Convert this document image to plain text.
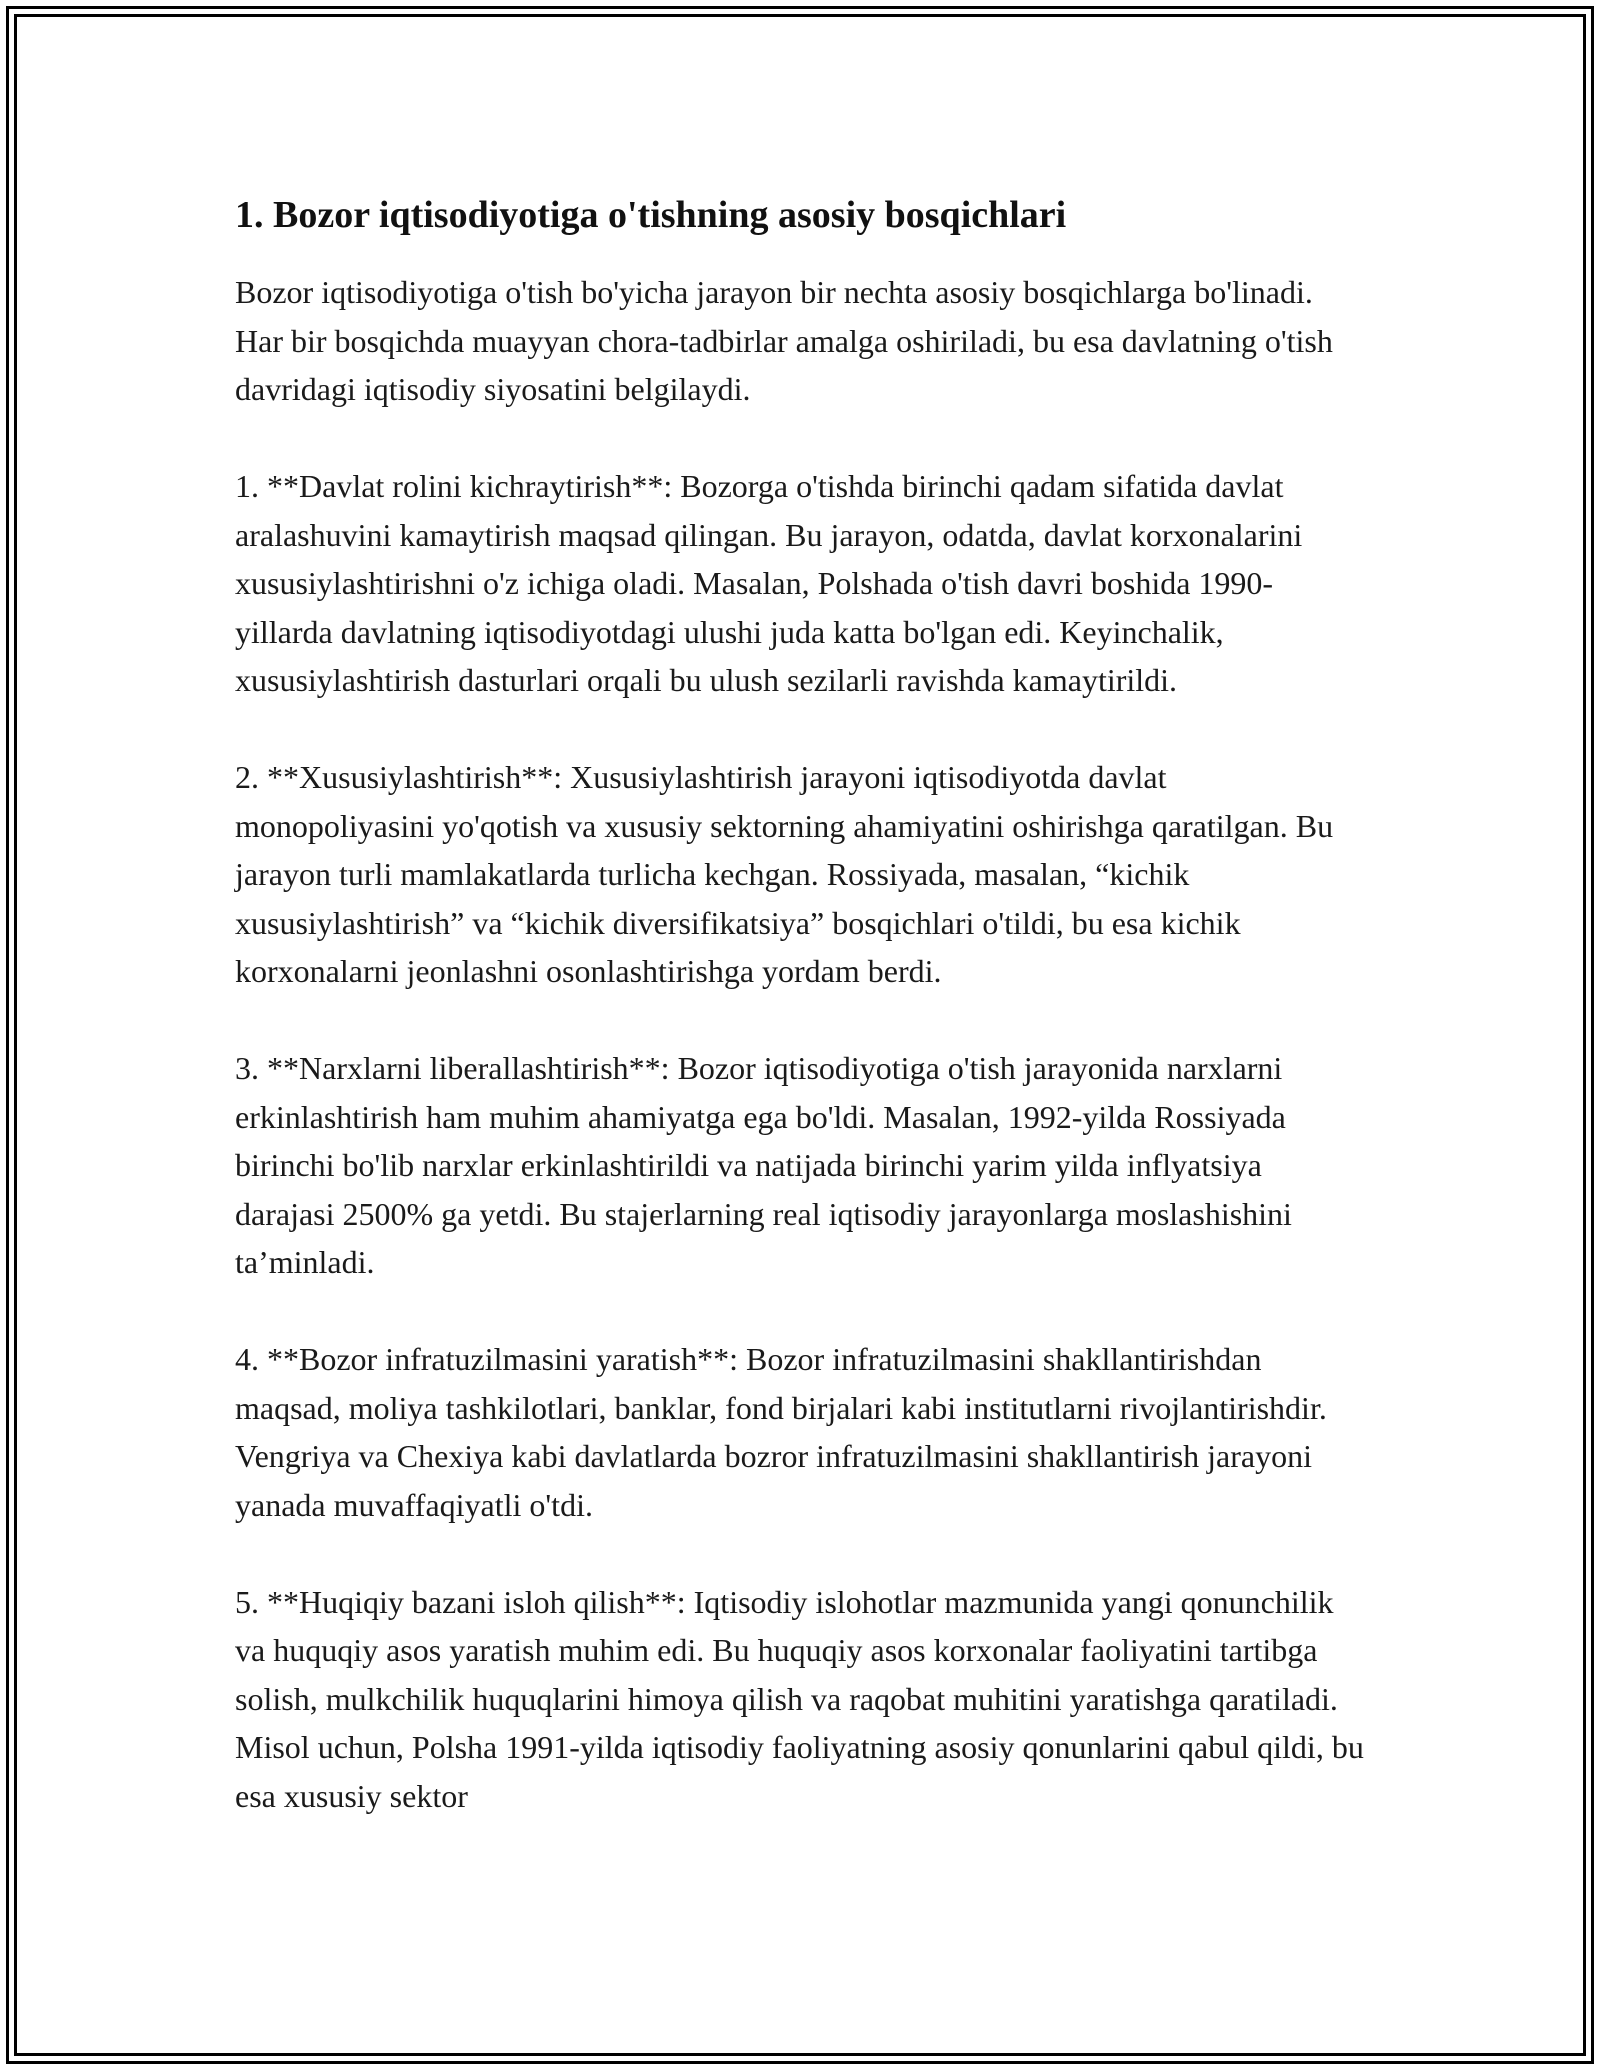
1. Bozor iqtisodiyotiga o'tishning asosiy bosqichlari

Bozor iqtisodiyotiga o'tish bo'yicha jarayon bir nechta asosiy bosqichlarga bo'linadi. Har bir bosqichda muayyan chora-tadbirlar amalga oshiriladi, bu esa davlatning o'tish davridagi iqtisodiy siyosatini belgilaydi.

1. **Davlat rolini kichraytirish**: Bozorga o'tishda birinchi qadam sifatida davlat aralashuvini kamaytirish maqsad qilingan. Bu jarayon, odatda, davlat korxonalarini xususiylashtirishni o'z ichiga oladi. Masalan, Polshada o'tish davri boshida 1990-yillarda davlatning iqtisodiyotdagi ulushi juda katta bo'lgan edi. Keyinchalik, xususiylashtirish dasturlari orqali bu ulush sezilarli ravishda kamaytirildi.

2. **Xususiylashtirish**: Xususiylashtirish jarayoni iqtisodiyotda davlat monopoliyasini yo'qotish va xususiy sektorning ahamiyatini oshirishga qaratilgan. Bu jarayon turli mamlakatlarda turlicha kechgan. Rossiyada, masalan, “kichik xususiylashtirish” va “kichik diversifikatsiya” bosqichlari o'tildi, bu esa kichik korxonalarni jeonlashni osonlashtirishga yordam berdi.

3. **Narxlarni liberallashtirish**: Bozor iqtisodiyotiga o'tish jarayonida narxlarni erkinlashtirish ham muhim ahamiyatga ega bo'ldi. Masalan, 1992-yilda Rossiyada birinchi bo'lib narxlar erkinlashtirildi va natijada birinchi yarim yilda inflyatsiya darajasi 2500% ga yetdi. Bu stajerlarning real iqtisodiy jarayonlarga moslashishini ta’minladi.

4. **Bozor infratuzilmasini yaratish**: Bozor infratuzilmasini shakllantirishdan maqsad, moliya tashkilotlari, banklar, fond birjalari kabi institutlarni rivojlantirishdir. Vengriya va Chexiya kabi davlatlarda bozror infratuzilmasini shakllantirish jarayoni yanada muvaffaqiyatli o'tdi.

5. **Huqiqiy bazani isloh qilish**: Iqtisodiy islohotlar mazmunida yangi qonunchilik va huquqiy asos yaratish muhim edi. Bu huquqiy asos korxonalar faoliyatini tartibga solish, mulkchilik huquqlarini himoya qilish va raqobat muhitini yaratishga qaratiladi. Misol uchun, Polsha 1991-yilda iqtisodiy faoliyatning asosiy qonunlarini qabul qildi, bu esa xususiy sektor
